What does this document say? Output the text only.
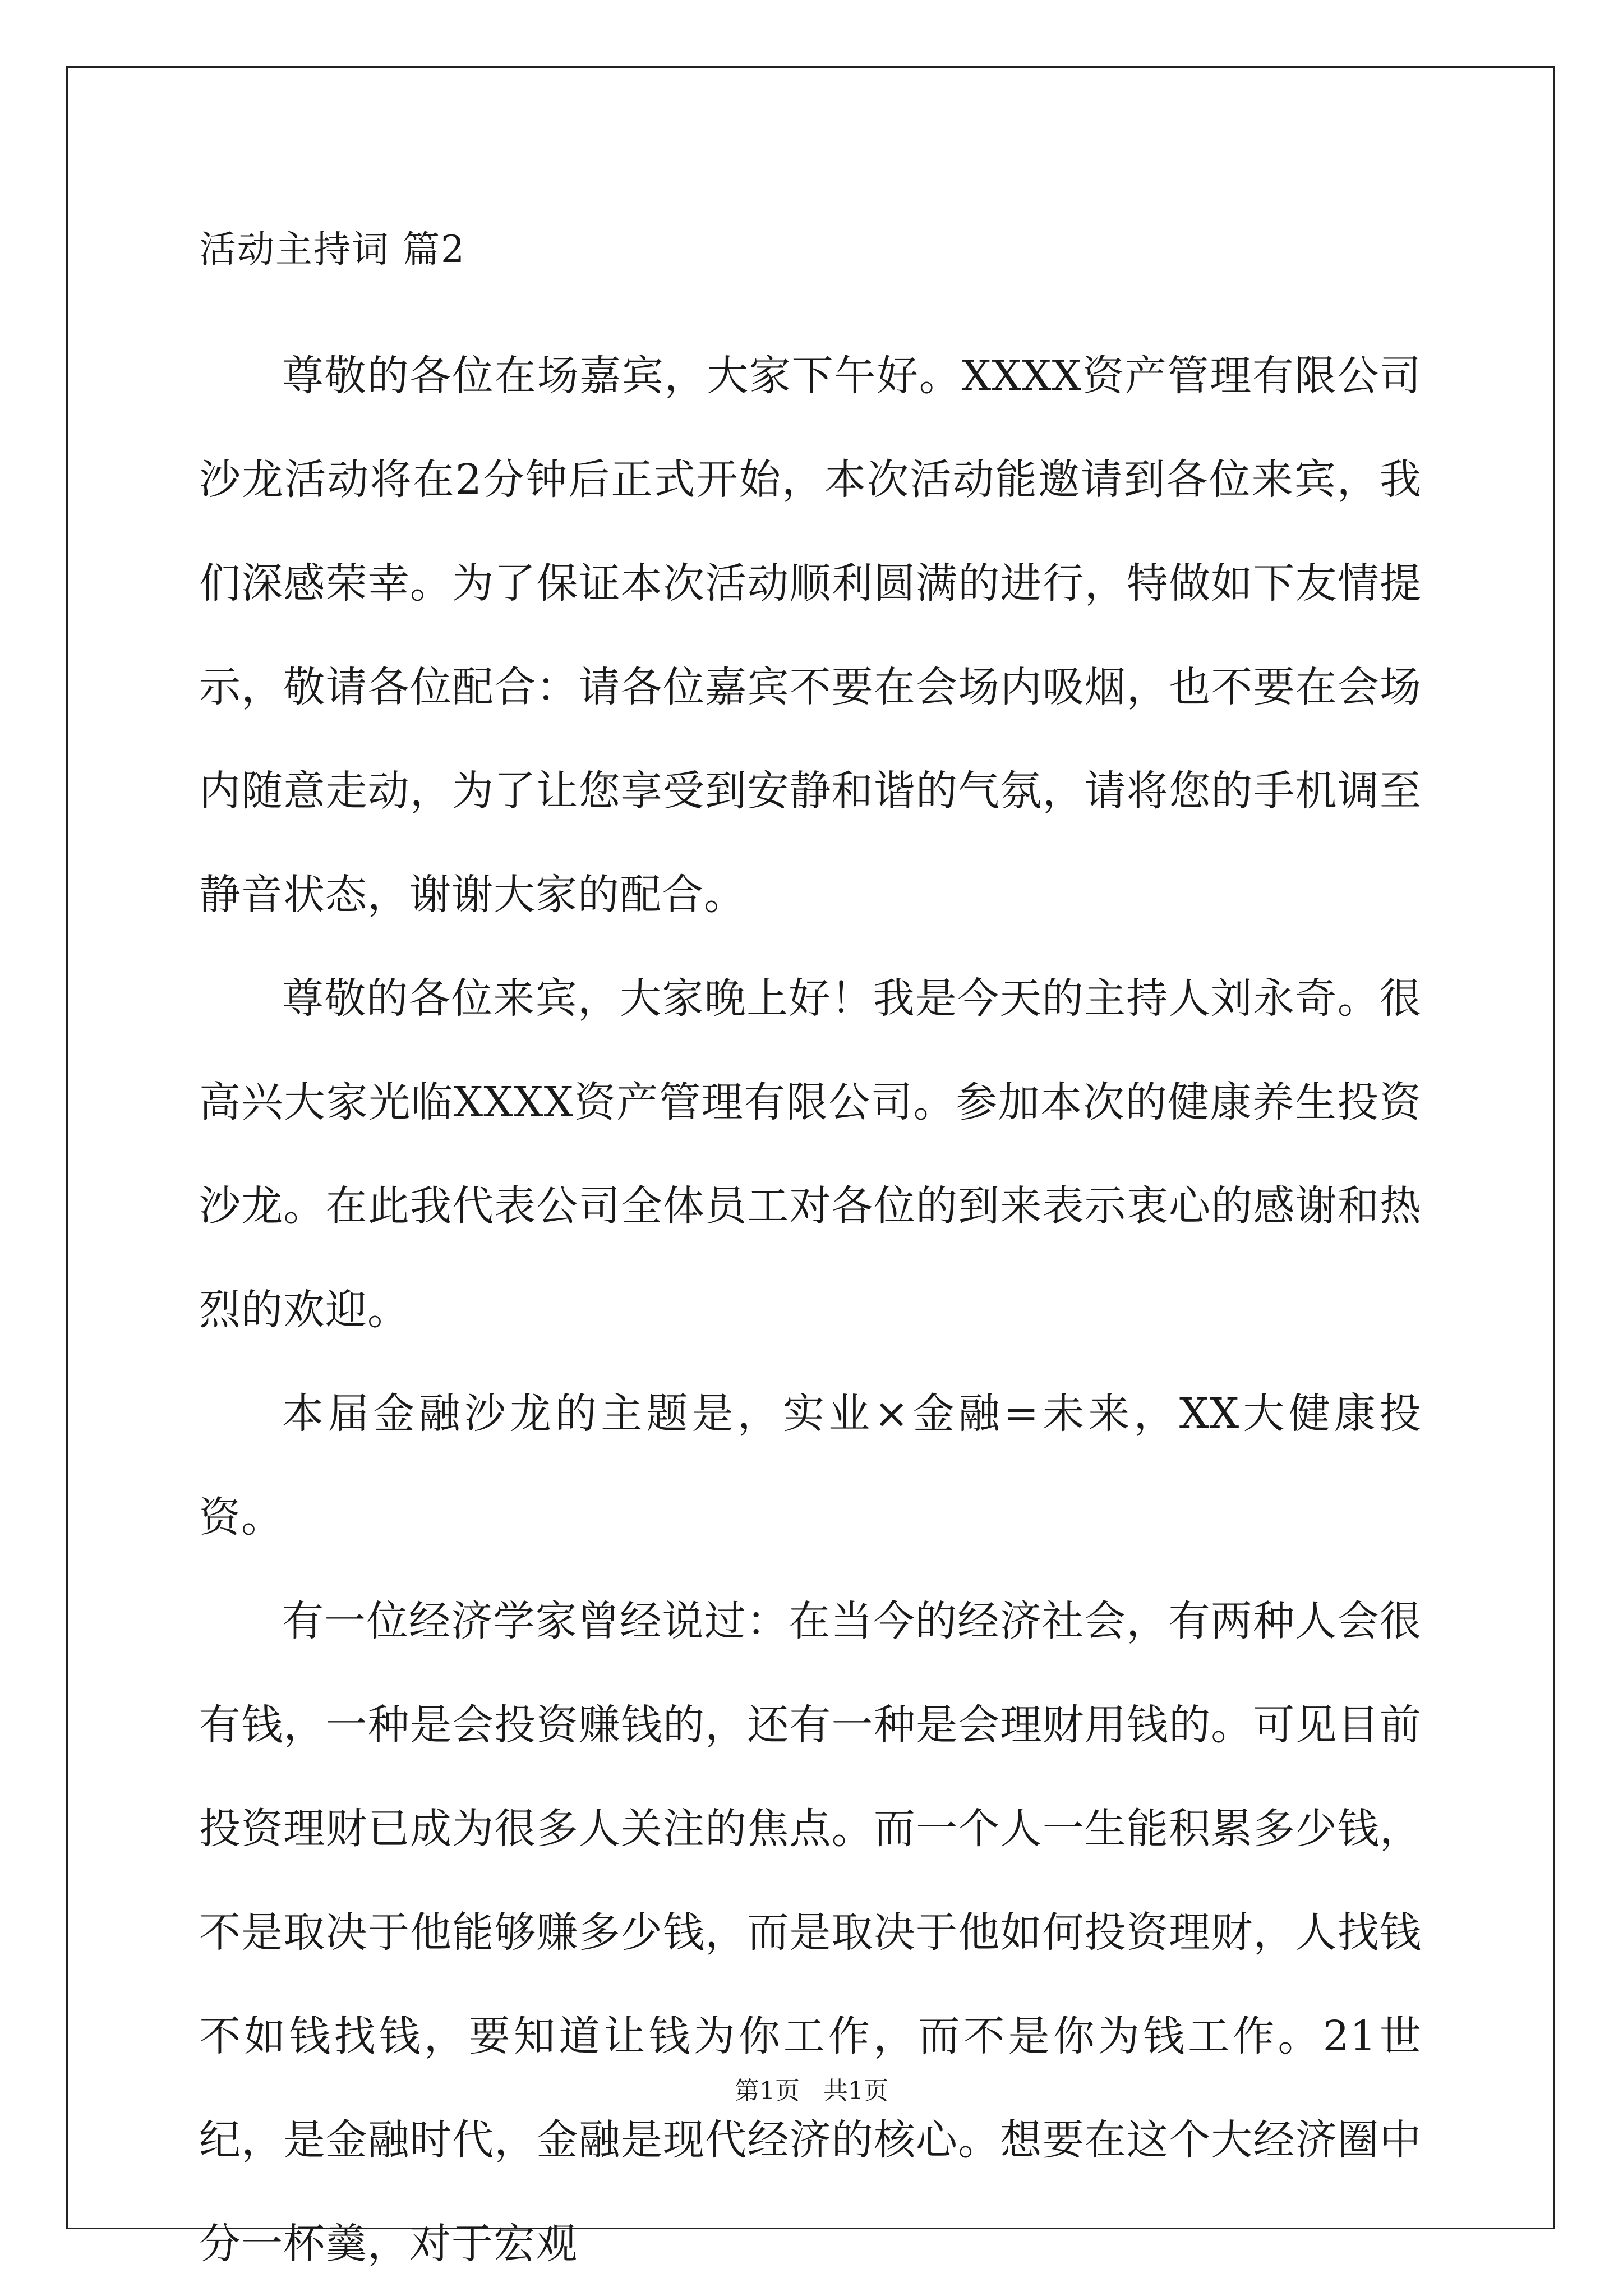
活动主持词 篇2

尊敬的各位在场嘉宾，大家下午好。XXXX资产管理有限公司沙龙活动将在2分钟后正式开始，本次活动能邀请到各位来宾，我们深感荣幸。为了保证本次活动顺利圆满的进行，特做如下友情提示，敬请各位配合：请各位嘉宾不要在会场内吸烟，也不要在会场内随意走动，为了让您享受到安静和谐的气氛，请将您的手机调至静音状态，谢谢大家的配合。

尊敬的各位来宾，大家晚上好！我是今天的主持人刘永奇。很高兴大家光临XXXX资产管理有限公司。参加本次的健康养生投资沙龙。在此我代表公司全体员工对各位的到来表示衷心的感谢和热烈的欢迎。

本届金融沙龙的主题是，实业×金融=未来，XX大健康投资。

有一位经济学家曾经说过：在当今的经济社会，有两种人会很有钱，一种是会投资赚钱的，还有一种是会理财用钱的。可见目前投资理财已成为很多人关注的焦点。而一个人一生能积累多少钱，不是取决于他能够赚多少钱，而是取决于他如何投资理财，人找钱不如钱找钱，要知道让钱为你工作，而不是你为钱工作。21世纪，是金融时代，金融是现代经济的核心。想要在这个大经济圈中分一杯羹，对于宏观

第1页   共1页
